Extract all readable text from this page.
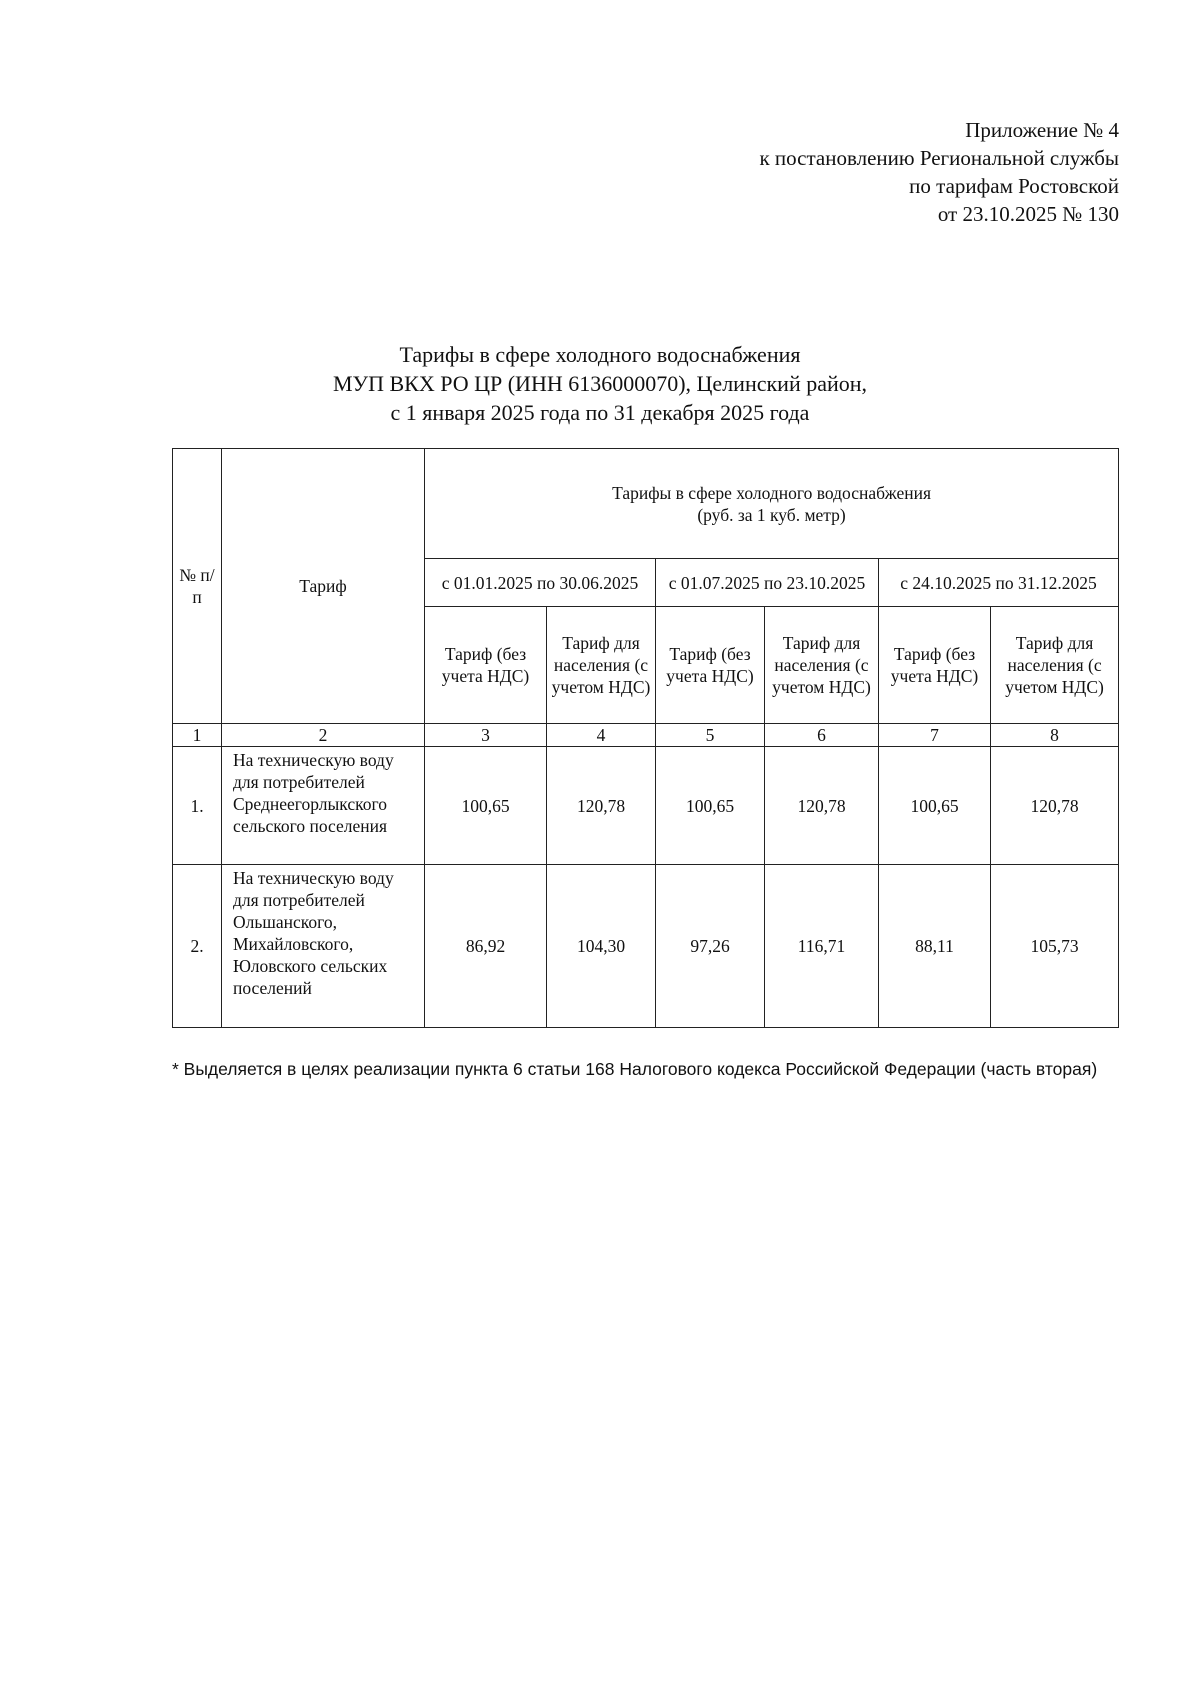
Приложение № 4
к постановлению Региональной службы
по тарифам Ростовской
от 23.10.2025 № 130
Тарифы в сфере холодного водоснабжения
МУП ВКХ РО ЦР (ИНН 6136000070), Целинский район,
с 1 января 2025 года по 31 декабря 2025 года
№ п/п	Тариф	Тарифы в сфере холодного водоснабжения
(руб. за 1 куб. метр)					

		с 01.01.2025 по 30.06.2025		с 01.07.2025 по 23.10.2025		с 24.10.2025 по 31.12.2025	
		Тариф (без учета НДС)	Тариф для населения (с учетом НДС)	Тариф (без учета НДС)	Тариф для населения (с учетом НДС)	Тариф (без учета НДС)	Тариф для населения (с учетом НДС)
1	2	3	4	5	6	7	8
1.	На техническую воду для потребителей Среднеегорлыкского сельского поселения	100,65	120,78	100,65	120,78	100,65	120,78
2.	На техническую воду для потребителей Ольшанского, Михайловского, Юловского сельских поселений	86,92	104,30	97,26	116,71	88,11	105,73
* Выделяется в целях реализации пункта 6 статьи 168 Налогового кодекса Российской Федерации (часть вторая)
